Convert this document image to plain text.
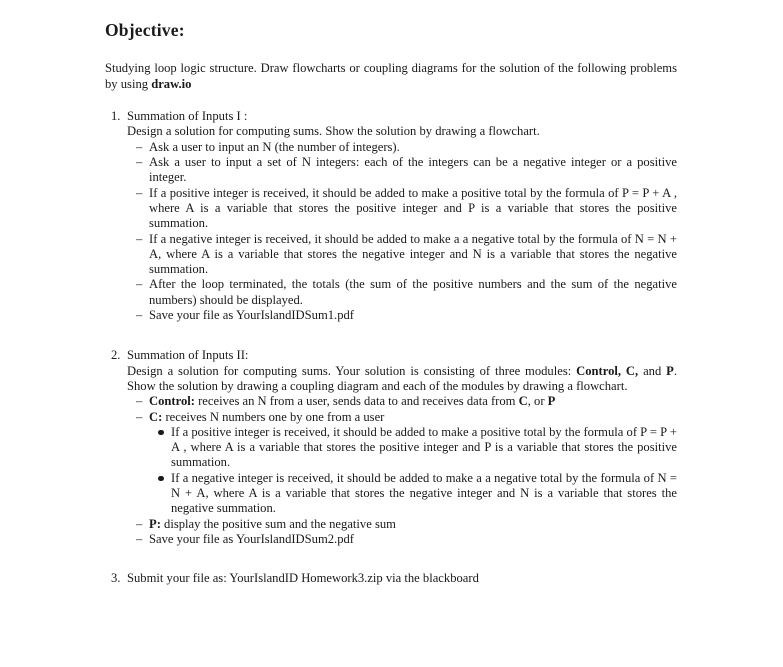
Objective:

Studying loop logic structure. Draw flowcharts or coupling diagrams for the solution of the following problems by using draw.io

1. Summation of Inputs I :
Design a solution for computing sums. Show the solution by drawing a flowchart.
– Ask a user to input an N (the number of integers).
– Ask a user to input a set of N integers: each of the integers can be a negative integer or a positive integer.
– If a positive integer is received, it should be added to make a positive total by the formula of P = P + A , where A is a variable that stores the positive integer and P is a variable that stores the positive summation.
– If a negative integer is received, it should be added to make a a negative total by the formula of N = N + A, where A is a variable that stores the negative integer and N is a variable that stores the negative summation.
– After the loop terminated, the totals (the sum of the positive numbers and the sum of the negative numbers) should be displayed.
– Save your file as YourIslandIDSum1.pdf
2. Summation of Inputs II:
Design a solution for computing sums. Your solution is consisting of three modules: Control, C, and P. Show the solution by drawing a coupling diagram and each of the modules by drawing a flowchart.
– Control: receives an N from a user, sends data to and receives data from C, or P
– C: receives N numbers one by one from a user
If a positive integer is received, it should be added to make a positive total by the formula of P = P + A , where A is a variable that stores the positive integer and P is a variable that stores the positive summation.
If a negative integer is received, it should be added to make a a negative total by the formula of N = N + A, where A is a variable that stores the negative integer and N is a variable that stores the negative summation.
– P: display the positive sum and the negative sum
– Save your file as YourIslandIDSum2.pdf
3. Submit your file as: YourIslandID Homework3.zip via the blackboard
